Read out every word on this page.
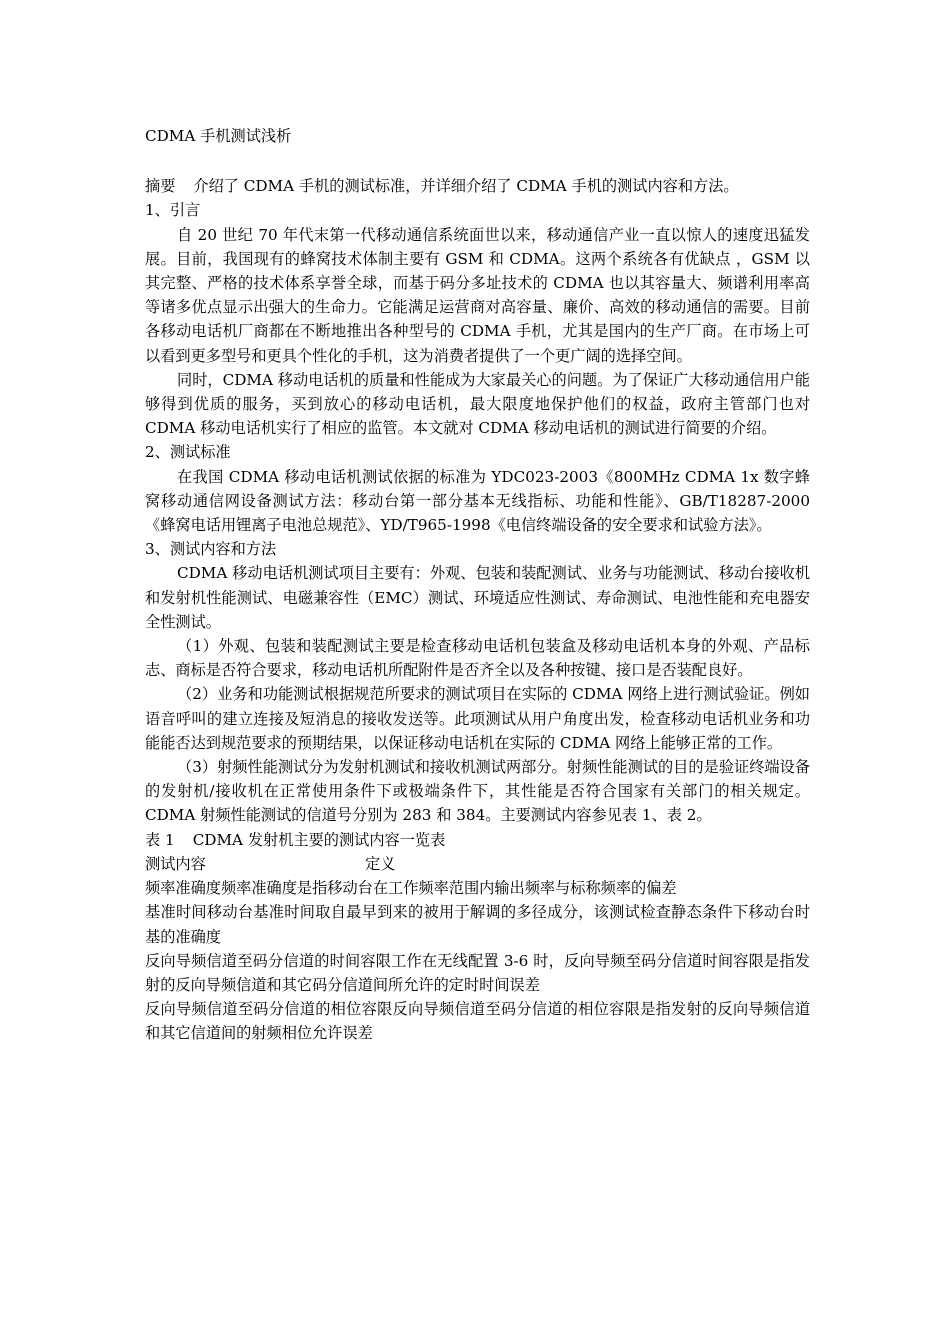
CDMA 手机测试浅析

摘要 介绍了 CDMA 手机的测试标准，并详细介绍了 CDMA 手机的测试内容和方法。

1、引言

自 20 世纪 70 年代末第一代移动通信系统面世以来，移动通信产业一直以惊人的速度迅猛发展。目前，我国现有的蜂窝技术体制主要有 GSM 和 CDMA。这两个系统各有优缺点 ，GSM 以其完整、严格的技术体系享誉全球，而基于码分多址技术的 CDMA 也以其容量大、频谱利用率高等诸多优点显示出强大的生命力。它能满足运营商对高容量、廉价、高效的移动通信的需要。目前各移动电话机厂商都在不断地推出各种型号的 CDMA 手机，尤其是国内的生产厂商。在市场上可以看到更多型号和更具个性化的手机，这为消费者提供了一个更广阔的选择空间。

同时，CDMA 移动电话机的质量和性能成为大家最关心的问题。为了保证广大移动通信用户能够得到优质的服务，买到放心的移动电话机，最大限度地保护他们的权益，政府主管部门也对 CDMA 移动电话机实行了相应的监管。本文就对 CDMA 移动电话机的测试进行简要的介绍。

2、测试标准

在我国 CDMA 移动电话机测试依据的标准为 YDC023-2003《800MHz CDMA 1x 数字蜂窝移动通信网设备测试方法：移动台第一部分基本无线指标、功能和性能》、GB/T18287-2000《蜂窝电话用锂离子电池总规范》、YD/T965-1998《电信终端设备的安全要求和试验方法》。

3、测试内容和方法

CDMA 移动电话机测试项目主要有：外观、包装和装配测试、业务与功能测试、移动台接收机和发射机性能测试、电磁兼容性（EMC）测试、环境适应性测试、寿命测试、电池性能和充电器安全性测试。

（1）外观、包装和装配测试主要是检查移动电话机包装盒及移动电话机本身的外观、产品标志、商标是否符合要求，移动电话机所配附件是否齐全以及各种按键、接口是否装配良好。

（2）业务和功能测试根据规范所要求的测试项目在实际的 CDMA 网络上进行测试验证。例如语音呼叫的建立连接及短消息的接收发送等。此项测试从用户角度出发，检查移动电话机业务和功能能否达到规范要求的预期结果，以保证移动电话机在实际的 CDMA 网络上能够正常的工作。

（3）射频性能测试分为发射机测试和接收机测试两部分。射频性能测试的目的是验证终端设备的发射机/接收机在正常使用条件下或极端条件下，其性能是否符合国家有关部门的相关规定。CDMA 射频性能测试的信道号分别为 283 和 384。主要测试内容参见表 1、表 2。

表 1 CDMA 发射机主要的测试内容一览表

测试内容	定义

频率准确度频率准确度是指移动台在工作频率范围内输出频率与标称频率的偏差

基准时间移动台基准时间取自最早到来的被用于解调的多径成分，该测试检查静态条件下移动台时基的准确度

反向导频信道至码分信道的时间容限工作在无线配置 3-6 时，反向导频至码分信道时间容限是指发射的反向导频信道和其它码分信道间所允许的定时时间误差

反向导频信道至码分信道的相位容限反向导频信道至码分信道的相位容限是指发射的反向导频信道和其它信道间的射频相位允许误差
